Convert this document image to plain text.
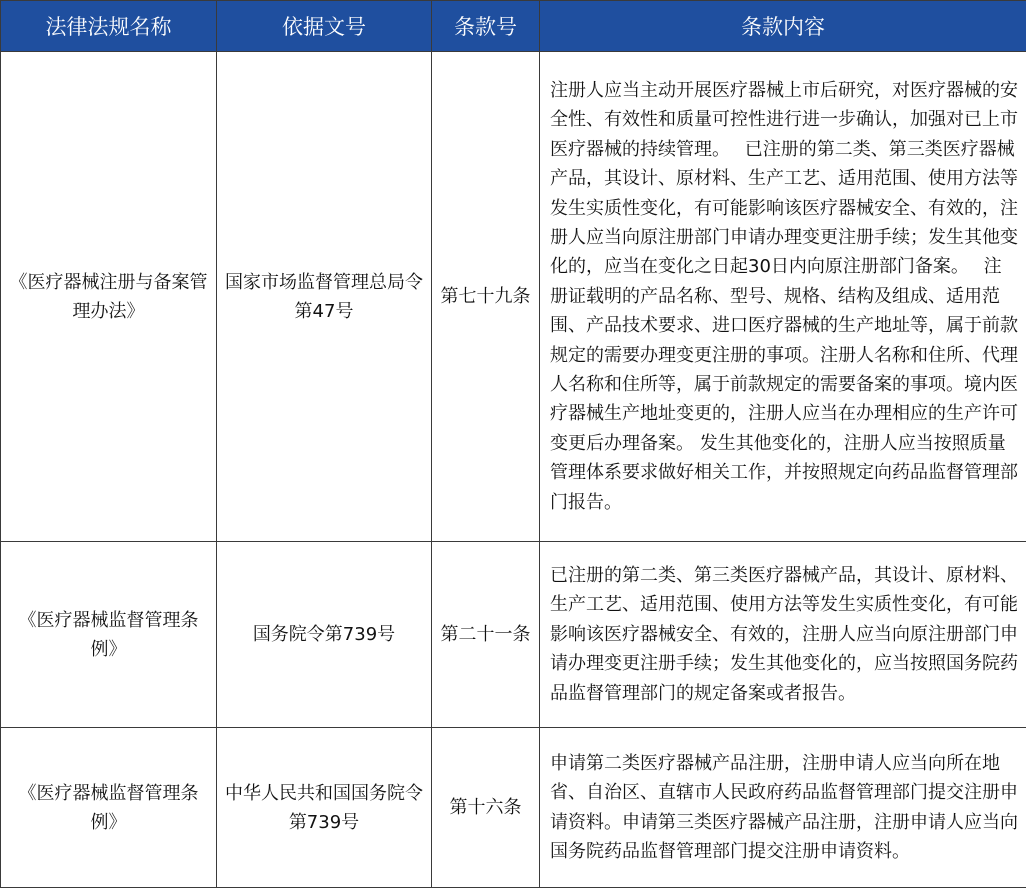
法律法规名称	依据文号	条款号	条款内容
《医疗器械注册与备案管理办法》	国家市场监督管理总局令第47号	第七十九条	注册人应当主动开展医疗器械上市后研究，对医疗器械的安全性、有效性和质量可控性进行进一步确认，加强对已上市医疗器械的持续管理。　 已注册的第二类、第三类医疗器械产品，其设计、原材料、生产工艺、适用范围、使用方法等发生实质性变化，有可能影响该医疗器械安全、有效的，注册人应当向原注册部门申请办理变更注册手续；发生其他变化的，应当在变化之日起30日内向原注册部门备案。　 注册证载明的产品名称、型号、规格、结构及组成、适用范围、产品技术要求、进口医疗器械的生产地址等，属于前款规定的需要办理变更注册的事项。注册人名称和住所、代理人名称和住所等，属于前款规定的需要备案的事项。境内医疗器械生产地址变更的，注册人应当在办理相应的生产许可变更后办理备案。 发生其他变化的，注册人应当按照质量管理体系要求做好相关工作，并按照规定向药品监督管理部门报告。
《医疗器械监督管理条例》	国务院令第739号	第二十一条	已注册的第二类、第三类医疗器械产品，其设计、原材料、生产工艺、适用范围、使用方法等发生实质性变化，有可能影响该医疗器械安全、有效的，注册人应当向原注册部门申请办理变更注册手续；发生其他变化的，应当按照国务院药品监督管理部门的规定备案或者报告。
《医疗器械监督管理条例》	中华人民共和国国务院令第739号	第十六条	申请第二类医疗器械产品注册，注册申请人应当向所在地省、自治区、直辖市人民政府药品监督管理部门提交注册申请资料。申请第三类医疗器械产品注册，注册申请人应当向国务院药品监督管理部门提交注册申请资料。
